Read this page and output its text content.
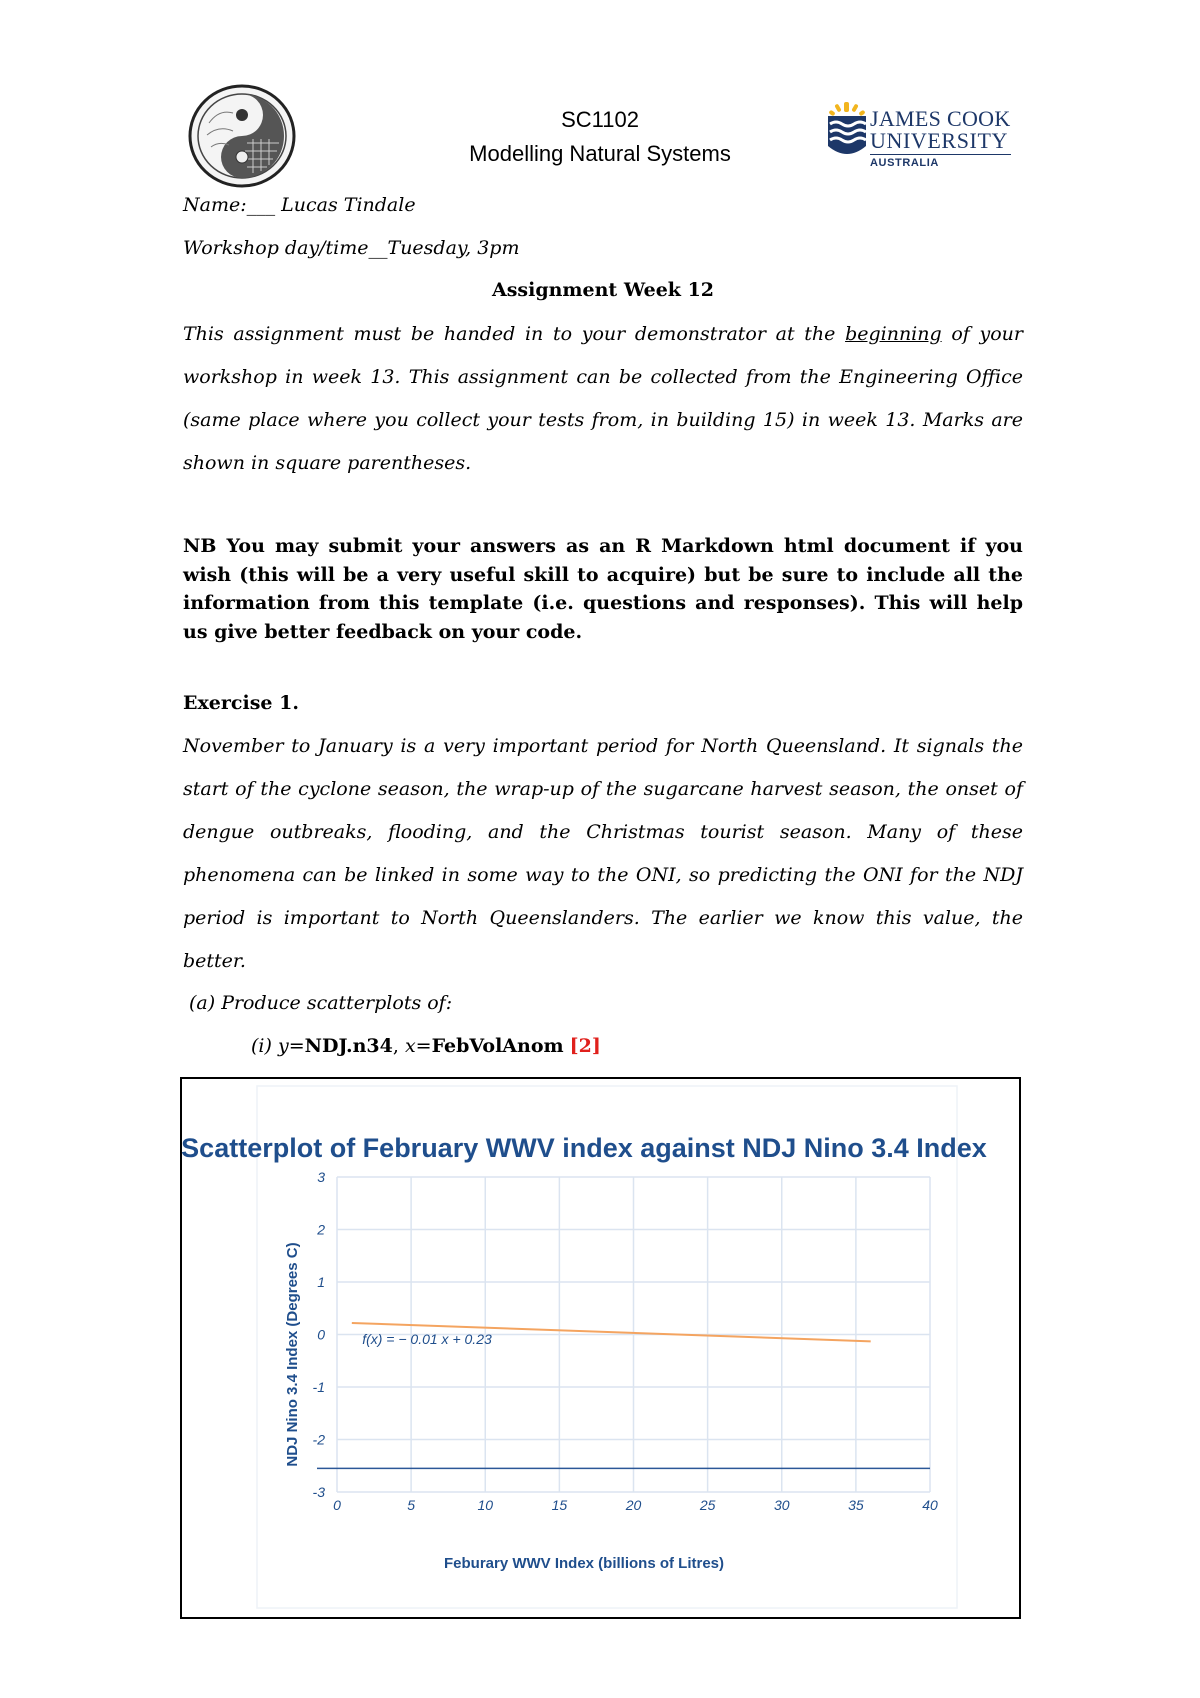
SC1102
Modelling Natural Systems
JAMES COOK
UNIVERSITY
AUSTRALIA
Name:___ Lucas Tindale
Workshop day/time__Tuesday, 3pm
Assignment Week 12
This assignment must be handed in to your demonstrator at the beginning of your workshop in week 13. This assignment can be collected from the Engineering Office (same place where you collect your tests from, in building 15) in week 13. Marks are shown in square parentheses.
NB You may submit your answers as an R Markdown html document if you wish (this will be a very useful skill to acquire) but be sure to include all the information from this template (i.e. questions and responses). This will help us give better feedback on your code.
Exercise 1.
November to January is a very important period for North Queensland. It signals the start of the cyclone season, the wrap-up of the sugarcane harvest season, the onset of dengue outbreaks, flooding, and the Christmas tourist season. Many of these phenomena can be linked in some way to the ONI, so predicting the ONI for the NDJ period is important to North Queenslanders. The earlier we know this value, the better.
(a) Produce scatterplots of:
(i) y=NDJ.n34, x=FebVolAnom [2]
Scatterplot of February WWV index against NDJ Nino 3.4 Index
3
2
1
0
-1
-2
-3
0	5	10	15	20	25	30	35	40
Feburary WWV Index (billions of Litres)
NDJ Nino 3.4 Index (Degrees C)	f(x) = − 0.01 x + 0.23
